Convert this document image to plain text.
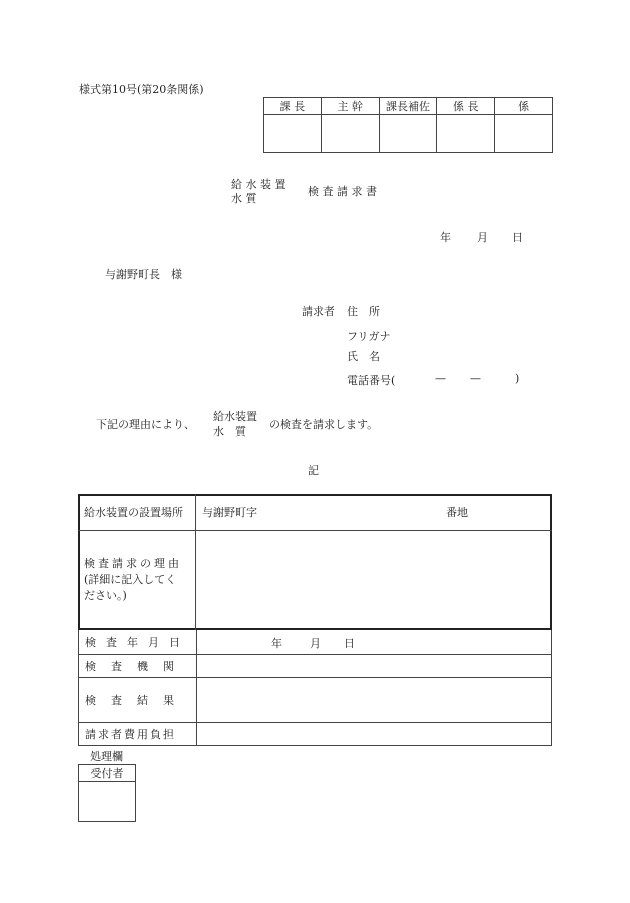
様式第10号(第20条関係)
課 長	主 幹	課長補佐	係 長	係

給 水 装 置
水 質
検 査 請 求 書
年 月 日
与謝野町長　様
請求者 住　所
フリガナ
氏　名
電話番号(	— —	)
下記の理由により、
給水装置
水　質
の検査を請求します。
記
給水装置の設置場所	与謝野町字 番地

検査請求の理由
(詳細に記入してく
ださい。)	

検査年月日	年 月 日

検査機関	
検査結果	
請求者費用負担	
処理欄
受付者
